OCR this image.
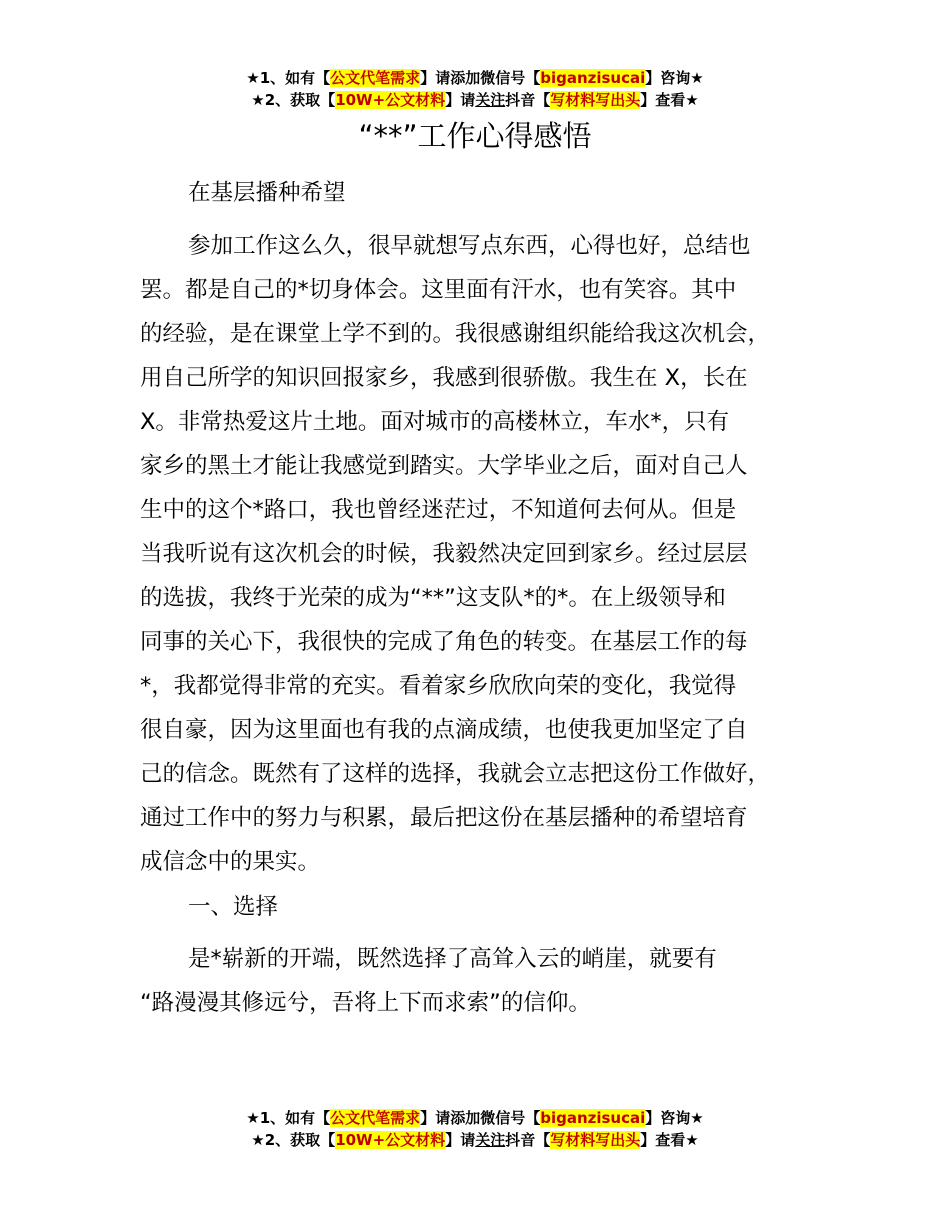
★1、如有【公文代笔需求】请添加微信号【biganzisucai】咨询★
★2、获取【10W+公文材料】请关注抖音【写材料写出头】查看★
“**”工作心得感悟

在基层播种希望

参加工作这么久，很早就想写点东西，心得也好，总结也
罢。都是自己的*切身体会。这里面有汗水，也有笑容。其中
的经验，是在课堂上学不到的。我很感谢组织能给我这次机会，
用自己所学的知识回报家乡，我感到很骄傲。我生在 X，长在
X。非常热爱这片土地。面对城市的高楼林立，车水*，只有
家乡的黑土才能让我感觉到踏实。大学毕业之后，面对自己人
生中的这个*路口，我也曾经迷茫过，不知道何去何从。但是
当我听说有这次机会的时候，我毅然决定回到家乡。经过层层
的选拔，我终于光荣的成为“**”这支队*的*。在上级领导和
同事的关心下，我很快的完成了角色的转变。在基层工作的每
*，我都觉得非常的充实。看着家乡欣欣向荣的变化，我觉得
很自豪，因为这里面也有我的点滴成绩，也使我更加坚定了自
己的信念。既然有了这样的选择，我就会立志把这份工作做好，
通过工作中的努力与积累，最后把这份在基层播种的希望培育
成信念中的果实。

一、选择

是*崭新的开端，既然选择了高耸入云的峭崖，就要有
“路漫漫其修远兮，吾将上下而求索”的信仰。

★1、如有【公文代笔需求】请添加微信号【biganzisucai】咨询★
★2、获取【10W+公文材料】请关注抖音【写材料写出头】查看★
